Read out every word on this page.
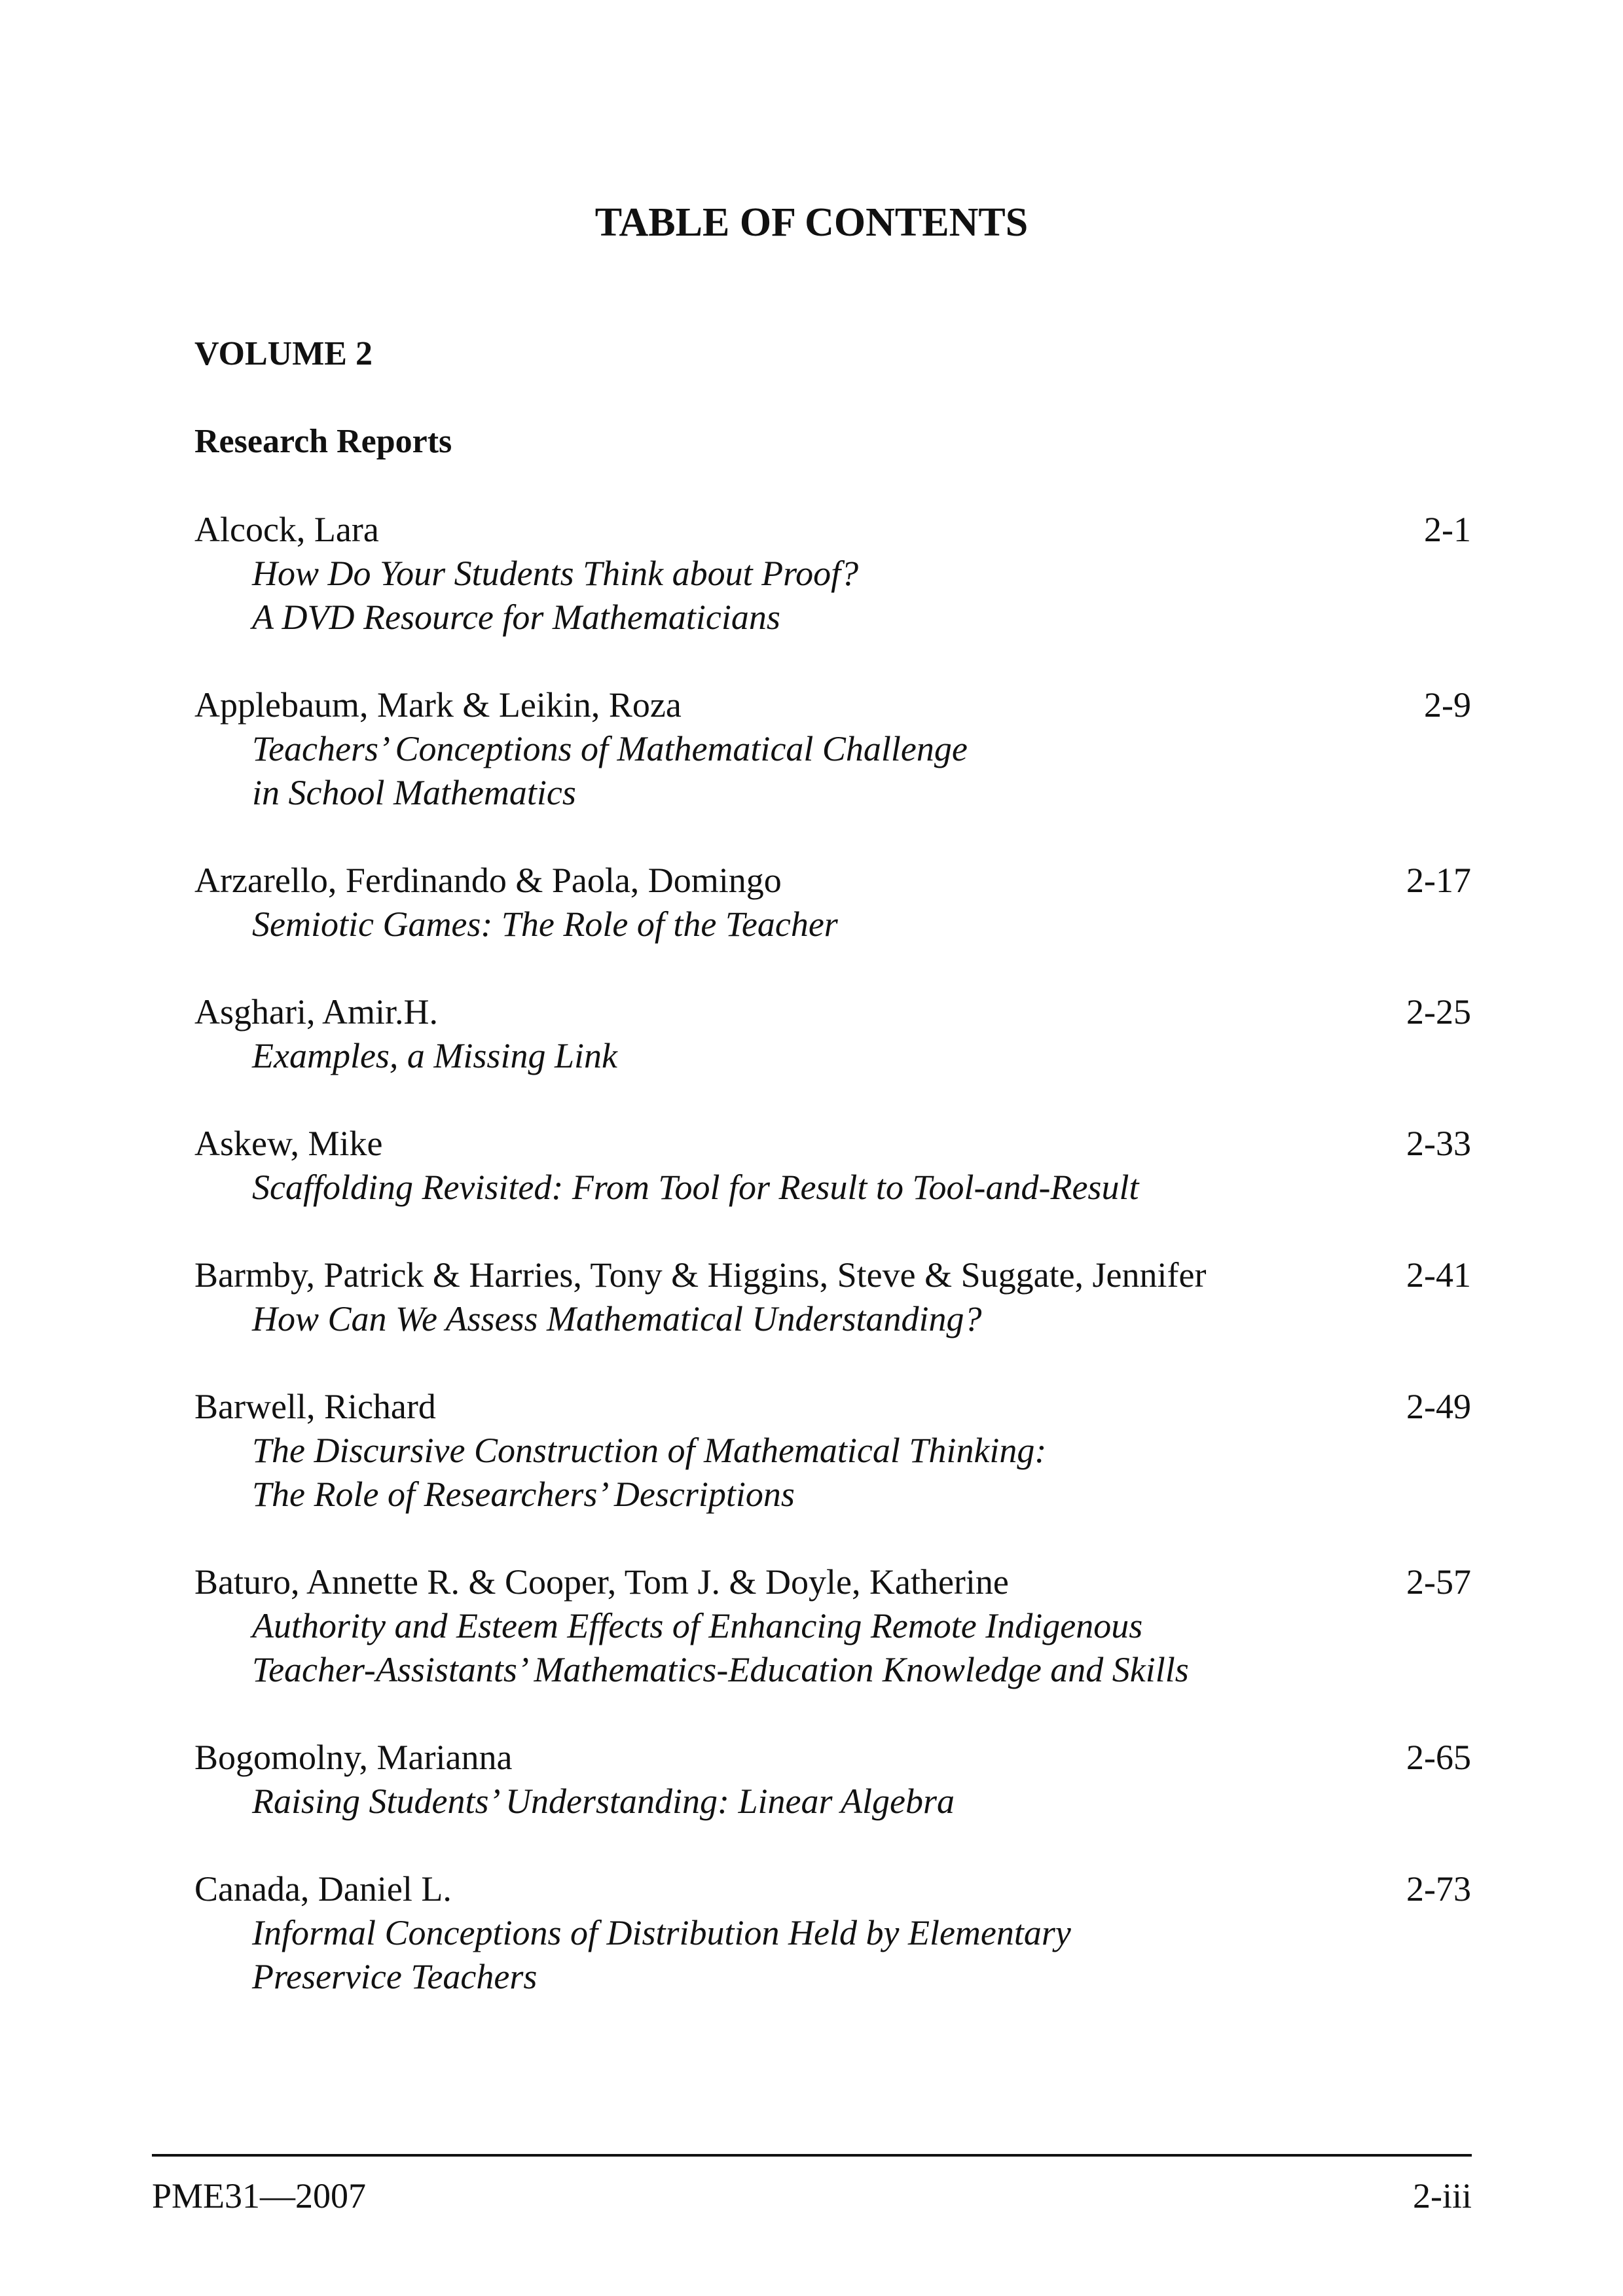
TABLE OF CONTENTS
VOLUME 2
Research Reports
Alcock, Lara	2-1
How Do Your Students Think about Proof?
A DVD Resource for Mathematicians
Applebaum, Mark & Leikin, Roza	2-9
Teachers’ Conceptions of Mathematical Challenge
in School Mathematics
Arzarello, Ferdinando & Paola, Domingo	2-17
Semiotic Games: The Role of the Teacher
Asghari, Amir.H.	2-25
Examples, a Missing Link
Askew, Mike	2-33
Scaffolding Revisited: From Tool for Result to Tool-and-Result
Barmby, Patrick & Harries, Tony & Higgins, Steve & Suggate, Jennifer	2-41
How Can We Assess Mathematical Understanding?
Barwell, Richard	2-49
The Discursive Construction of Mathematical Thinking:
The Role of Researchers’ Descriptions
Baturo, Annette R. & Cooper, Tom J. & Doyle, Katherine	2-57
Authority and Esteem Effects of Enhancing Remote Indigenous
Teacher-Assistants’ Mathematics-Education Knowledge and Skills
Bogomolny, Marianna	2-65
Raising Students’ Understanding: Linear Algebra
Canada, Daniel L.	2-73
Informal Conceptions of Distribution Held by Elementary
Preservice Teachers
PME31—2007	2-iii
